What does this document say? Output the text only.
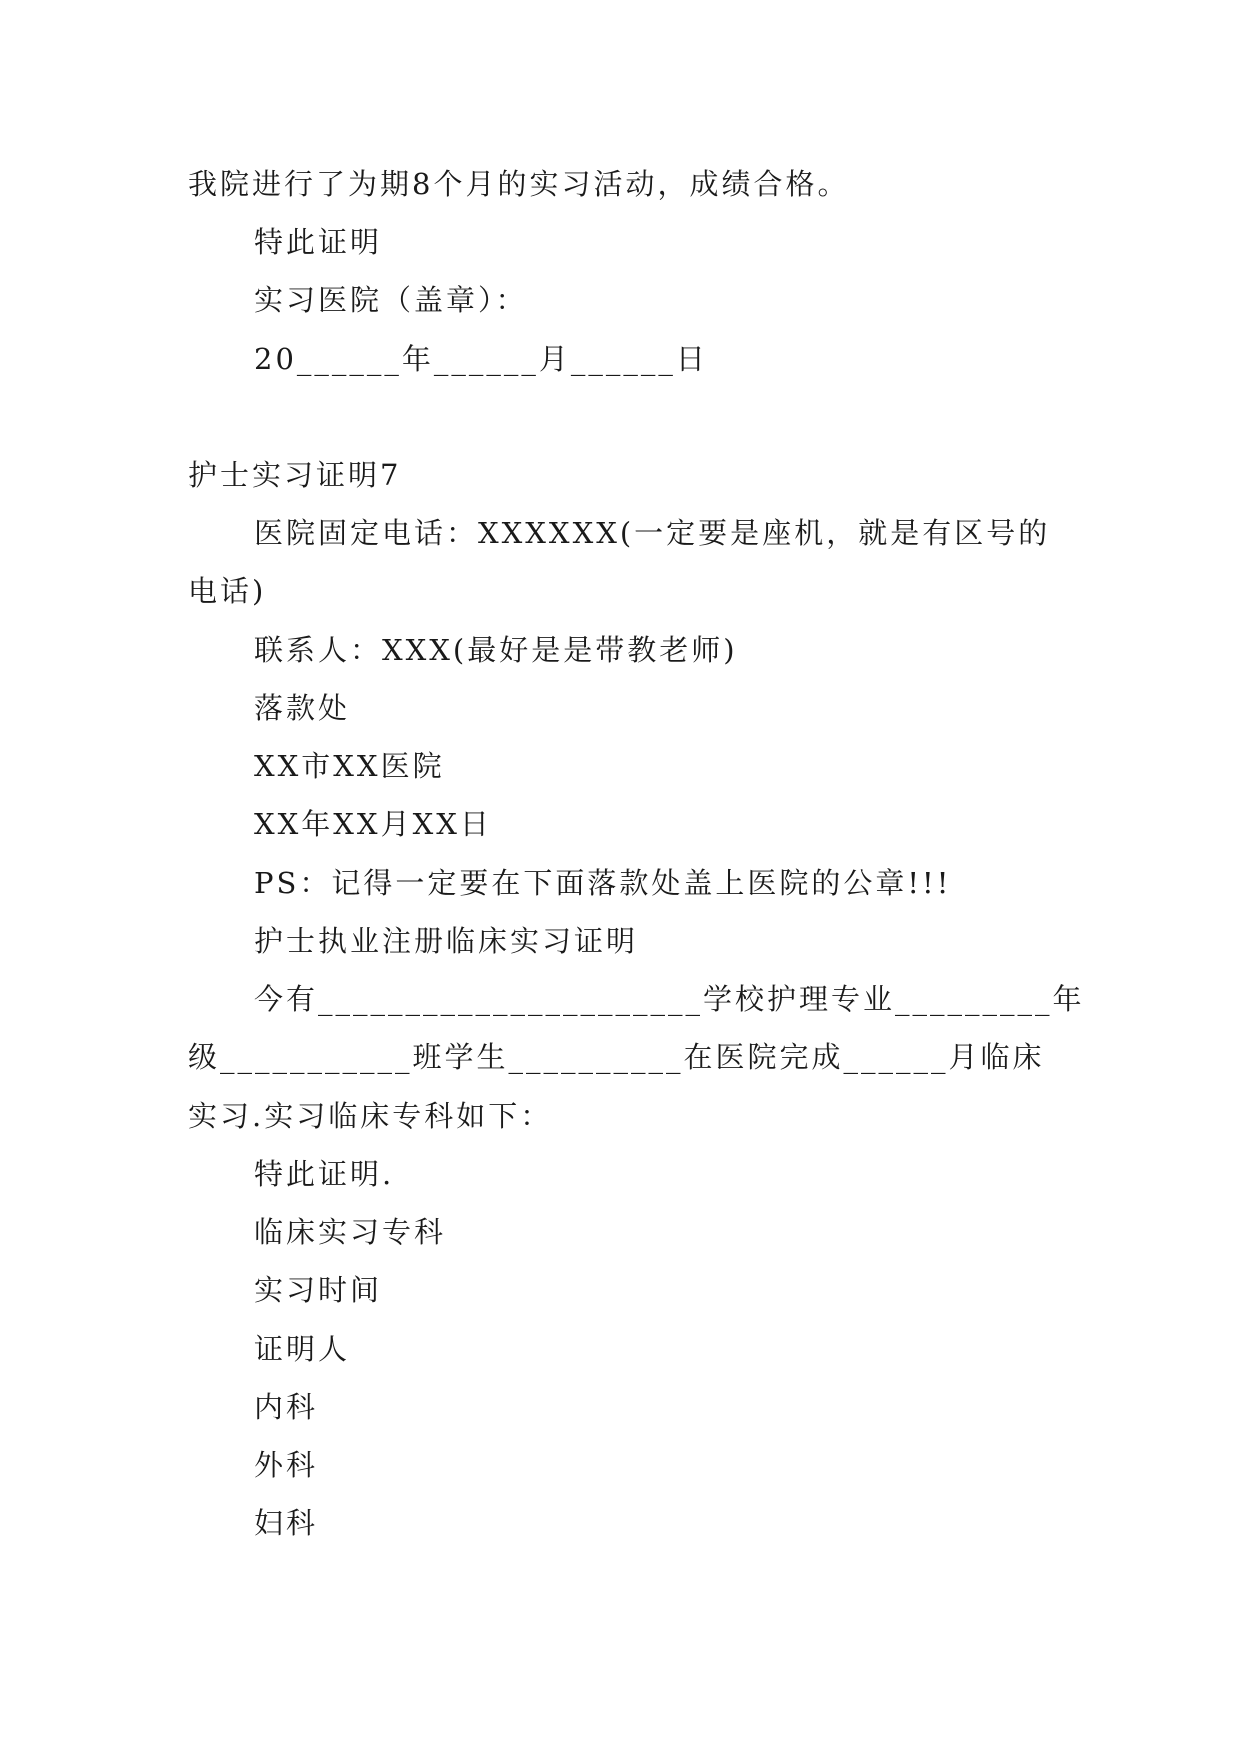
我院进行了为期8个月的实习活动，成绩合格。
特此证明
实习医院（盖章）：
20______年______月______日
护士实习证明7
医院固定电话：XXXXXX(一定要是座机，就是有区号的
电话)
联系人：XXX(最好是是带教老师)
落款处
XX市XX医院
XX年XX月XX日
PS：记得一定要在下面落款处盖上医院的公章!!!
护士执业注册临床实习证明
今有______________________学校护理专业_________年
级___________班学生__________在医院完成______月临床
实习.实习临床专科如下：
特此证明.
临床实习专科
实习时间
证明人
内科
外科
妇科
